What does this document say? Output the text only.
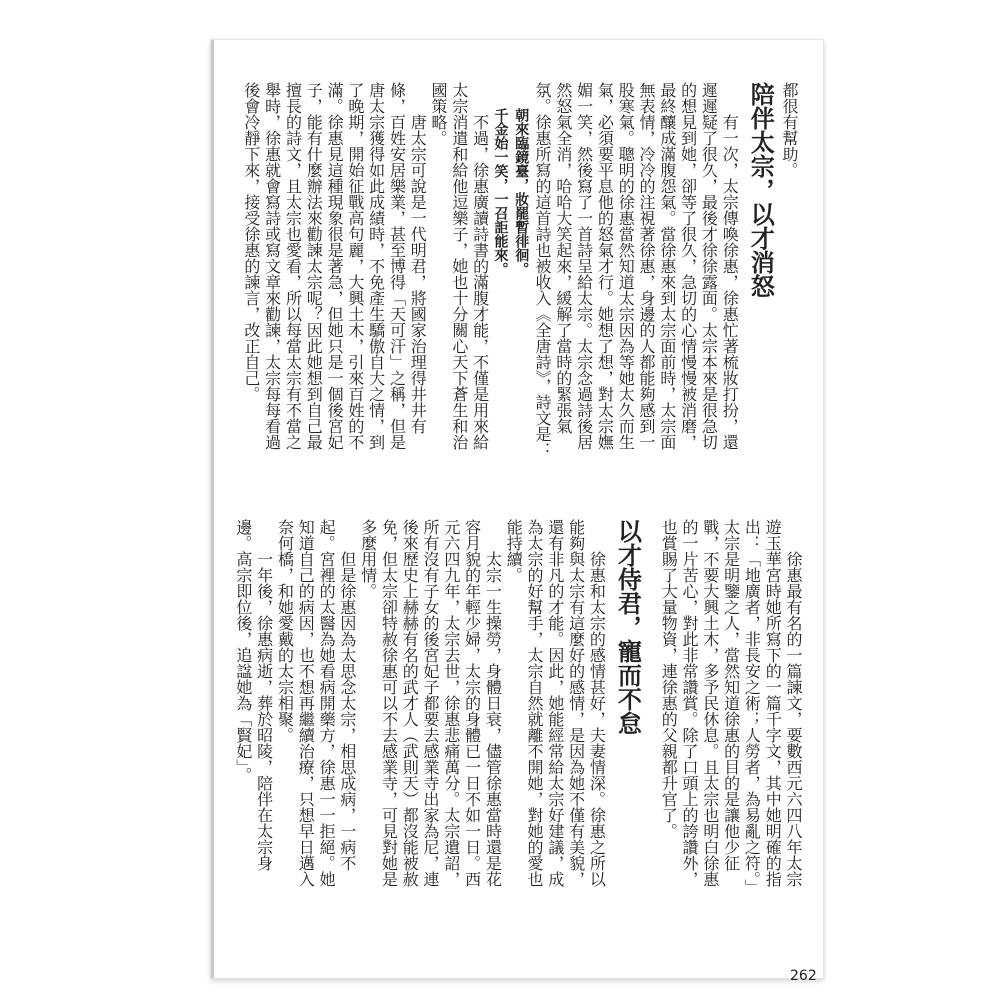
都很有幫助。

陪伴太宗，以才消怒

有一次，太宗傳喚徐惠，徐惠忙著梳妝打扮，還遲遲疑了很久，最後才徐徐露面。太宗本來是很急切的想見到她，卻等了很久，急切的心情慢慢被消磨，最終釀成滿腹怨氣。當徐惠來到太宗面前時，太宗面無表情，冷冷的注視著徐惠，身邊的人都能夠感到一股寒氣。聰明的徐惠當然知道太宗因為等她太久而生氣，必須要平息他的怒氣才行。她想了想，對太宗嫵媚一笑，然後寫了一首詩呈給太宗。太宗念過詩後居然怒氣全消，哈哈大笑起來，緩解了當時的緊張氣氛。徐惠所寫的這首詩也被收入《全唐詩》，詩文是：

朝來臨鏡臺，妝罷暫徘徊。

千金始一笑，一召詎能來。

不過，徐惠廣讀詩書的滿腹才能，不僅是用來給太宗消遣和給他逗樂子，她也十分關心天下蒼生和治國策略。

唐太宗可說是一代明君，將國家治理得井井有條，百姓安居樂業，甚至博得「天可汗」之稱，但是唐太宗獲得如此成績時，不免產生驕傲自大之情，到了晚期，開始征戰高句麗，大興土木，引來百姓的不滿。徐惠見這種現象很是著急，但她只是一個後宮妃子，能有什麼辦法來勸諫太宗呢？因此她想到自己最擅長的詩文，且太宗也愛看，所以每當太宗有不當之舉時，徐惠就會寫詩或寫文章來勸諫，太宗每每看過後會冷靜下來，接受徐惠的諫言，改正自己。

徐惠最有名的一篇諫文，要數西元六四八年太宗遊玉華宮時她所寫下的一篇千字文，其中她明確的指出：「地廣者，非長安之術；人勞者，為易亂之符。」太宗是明鑒之人，當然知道徐惠的目的是讓他少征戰，不要大興土木，多予民休息。且太宗也明白徐惠的一片苦心，對此非常讚賞。除了口頭上的誇讚外，也賞賜了大量物資，連徐惠的父親都升官了。

以才侍君，寵而不怠

徐惠和太宗的感情甚好，夫妻情深。徐惠之所以能夠與太宗有這麼好的感情，是因為她不僅有美貌，還有非凡的才能。因此，她能經常給太宗好建議，成為太宗的好幫手，太宗自然就離不開她，對她的愛也能持續。

太宗一生操勞，身體日衰，儘管徐惠當時還是花容月貌的年輕少婦，太宗的身體已一日不如一日。西元六四九年，太宗去世，徐惠悲痛萬分。太宗遺詔，所有沒有子女的後宮妃子都要去感業寺出家為尼，連後來歷史上赫赫有名的武才人（武則天）都沒能被赦免，但太宗卻特赦徐惠可以不去感業寺，可見對她是多麼用情。

但是徐惠因為太思念太宗，相思成病，一病不起。宮裡的太醫為她看病開藥方，徐惠一一拒絕。她知道自己的病因，也不想再繼續治療，只想早日邁入奈何橋，和她愛戴的太宗相聚。

一年後，徐惠病逝，葬於昭陵，陪伴在太宗身邊。高宗即位後，追諡她為「賢妃」。

262
